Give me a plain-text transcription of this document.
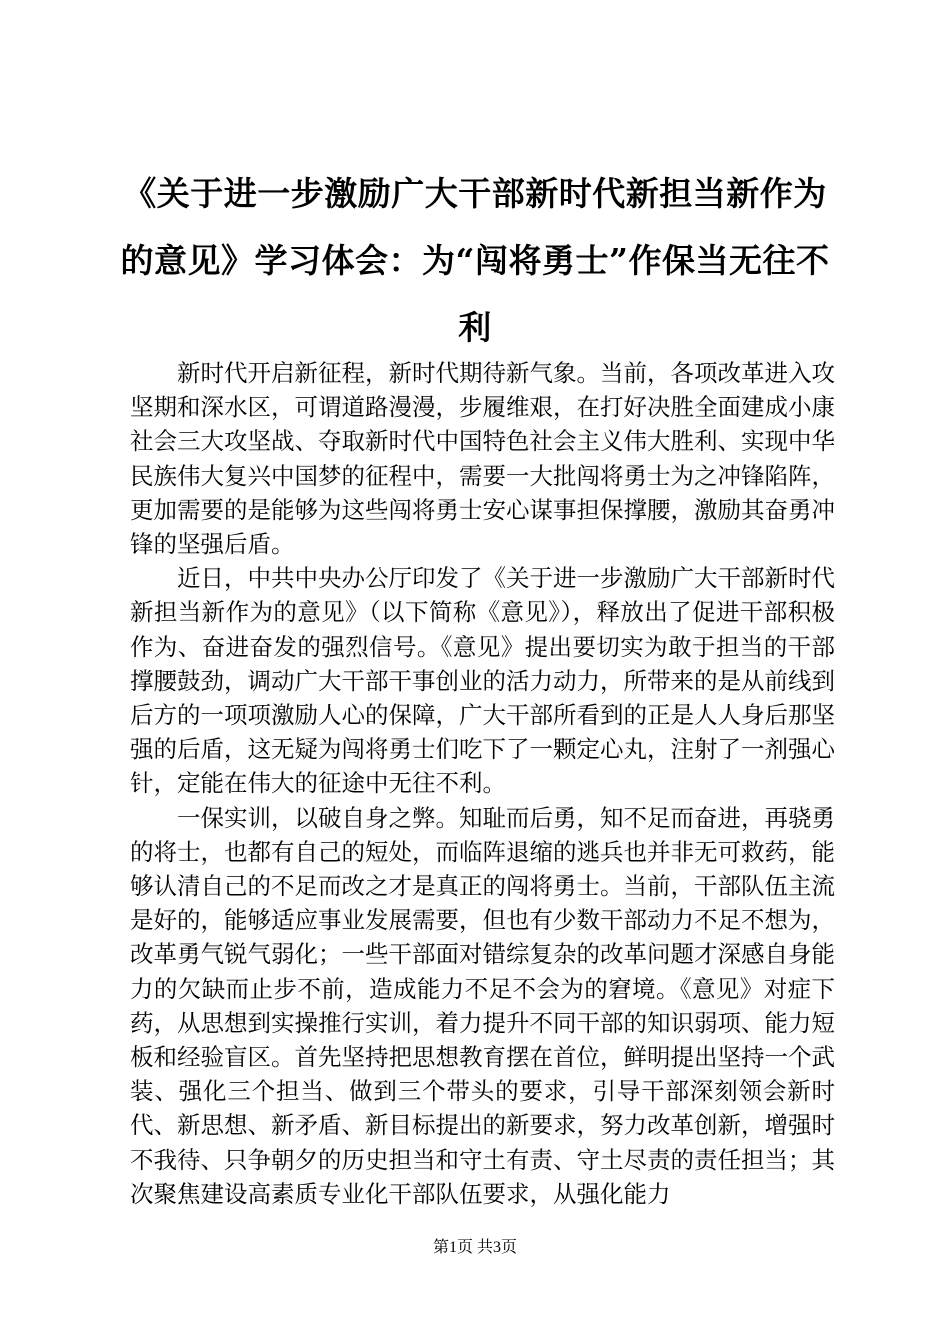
《关于进一步激励广大干部新时代新担当新作为的意见》学习体会：为“闯将勇士”作保当无往不利

新时代开启新征程，新时代期待新气象。当前，各项改革进入攻坚期和深水区，可谓道路漫漫，步履维艰，在打好决胜全面建成小康社会三大攻坚战、夺取新时代中国特色社会主义伟大胜利、实现中华民族伟大复兴中国梦的征程中，需要一大批闯将勇士为之冲锋陷阵，更加需要的是能够为这些闯将勇士安心谋事担保撑腰，激励其奋勇冲锋的坚强后盾。

近日，中共中央办公厅印发了《关于进一步激励广大干部新时代新担当新作为的意见》（以下简称《意见》），释放出了促进干部积极作为、奋进奋发的强烈信号。《意见》提出要切实为敢于担当的干部撑腰鼓劲，调动广大干部干事创业的活力动力，所带来的是从前线到后方的一项项激励人心的保障，广大干部所看到的正是人人身后那坚强的后盾，这无疑为闯将勇士们吃下了一颗定心丸，注射了一剂强心针，定能在伟大的征途中无往不利。

一保实训，以破自身之弊。知耻而后勇，知不足而奋进，再骁勇的将士，也都有自己的短处，而临阵退缩的逃兵也并非无可救药，能够认清自己的不足而改之才是真正的闯将勇士。当前，干部队伍主流是好的，能够适应事业发展需要，但也有少数干部动力不足不想为，改革勇气锐气弱化；一些干部面对错综复杂的改革问题才深感自身能力的欠缺而止步不前，造成能力不足不会为的窘境。《意见》对症下药，从思想到实操推行实训，着力提升不同干部的知识弱项、能力短板和经验盲区。首先坚持把思想教育摆在首位，鲜明提出坚持一个武装、强化三个担当、做到三个带头的要求，引导干部深刻领会新时代、新思想、新矛盾、新目标提出的新要求，努力改革创新，增强时不我待、只争朝夕的历史担当和守土有责、守土尽责的责任担当；其次聚焦建设高素质专业化干部队伍要求，从强化能力

第1页 共3页
